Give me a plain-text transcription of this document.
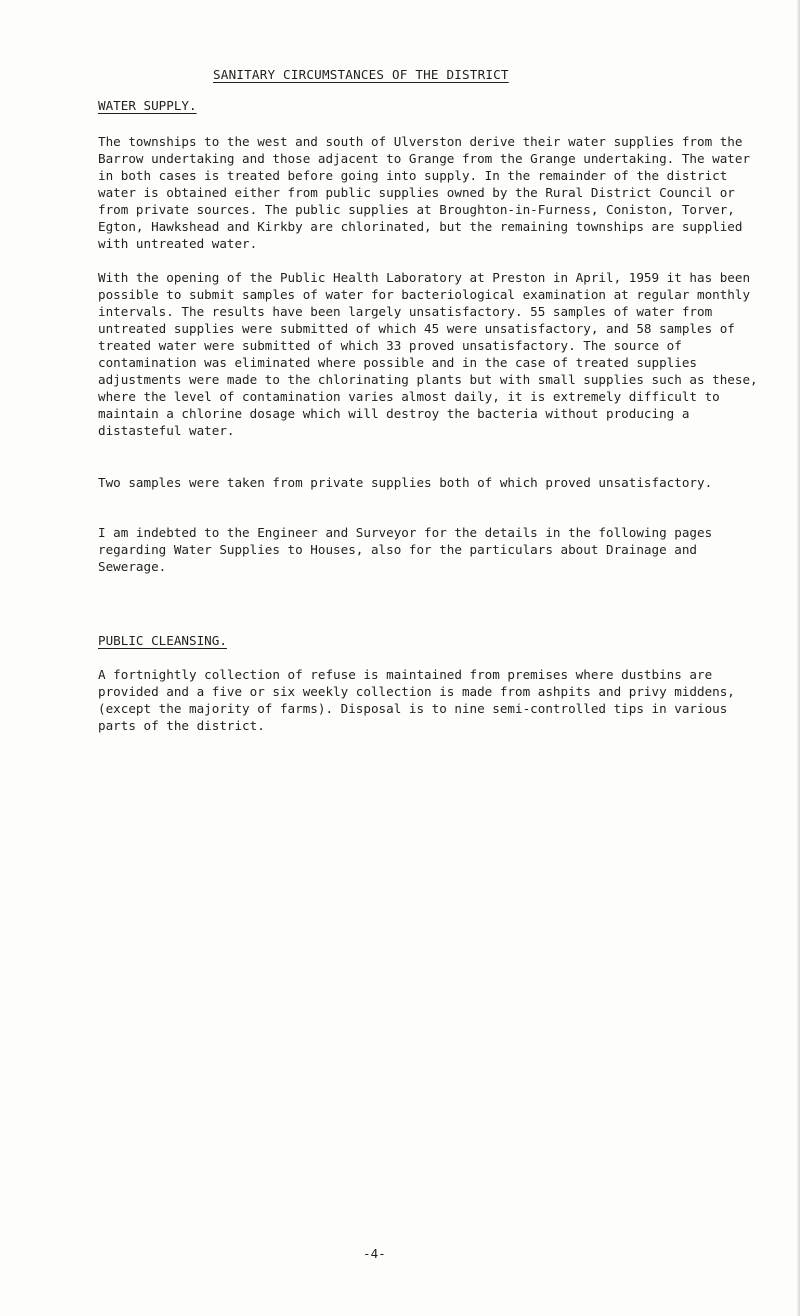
SANITARY CIRCUMSTANCES OF THE DISTRICT
WATER SUPPLY.

The townships to the west and south of Ulverston derive their water supplies from the Barrow undertaking and those adjacent to Grange from the Grange undertaking. The water in both cases is treated before going into supply. In the remainder of the district water is obtained either from public supplies owned by the Rural District Council or from private sources. The public supplies at Broughton-in-Furness, Coniston, Torver, Egton, Hawkshead and Kirkby are chlorinated, but the remaining townships are supplied with untreated water.

With the opening of the Public Health Laboratory at Preston in April, 1959 it has been possible to submit samples of water for bacteriological examination at regular monthly intervals. The results have been largely unsatisfactory. 55 samples of water from untreated supplies were submitted of which 45 were unsatisfactory, and 58 samples of treated water were submitted of which 33 proved unsatisfactory. The source of contamination was eliminated where possible and in the case of treated supplies adjustments were made to the chlorinating plants but with small supplies such as these, where the level of contamination varies almost daily, it is extremely difficult to maintain a chlorine dosage which will destroy the bacteria without producing a distasteful water.

Two samples were taken from private supplies both of which proved unsatisfactory.

I am indebted to the Engineer and Surveyor for the details in the following pages regarding Water Supplies to Houses, also for the particulars about Drainage and Sewerage.

PUBLIC CLEANSING.

A fortnightly collection of refuse is maintained from premises where dustbins are provided and a five or six weekly collection is made from ashpits and privy middens, (except the majority of farms). Disposal is to nine semi-controlled tips in various parts of the district.

-4-
